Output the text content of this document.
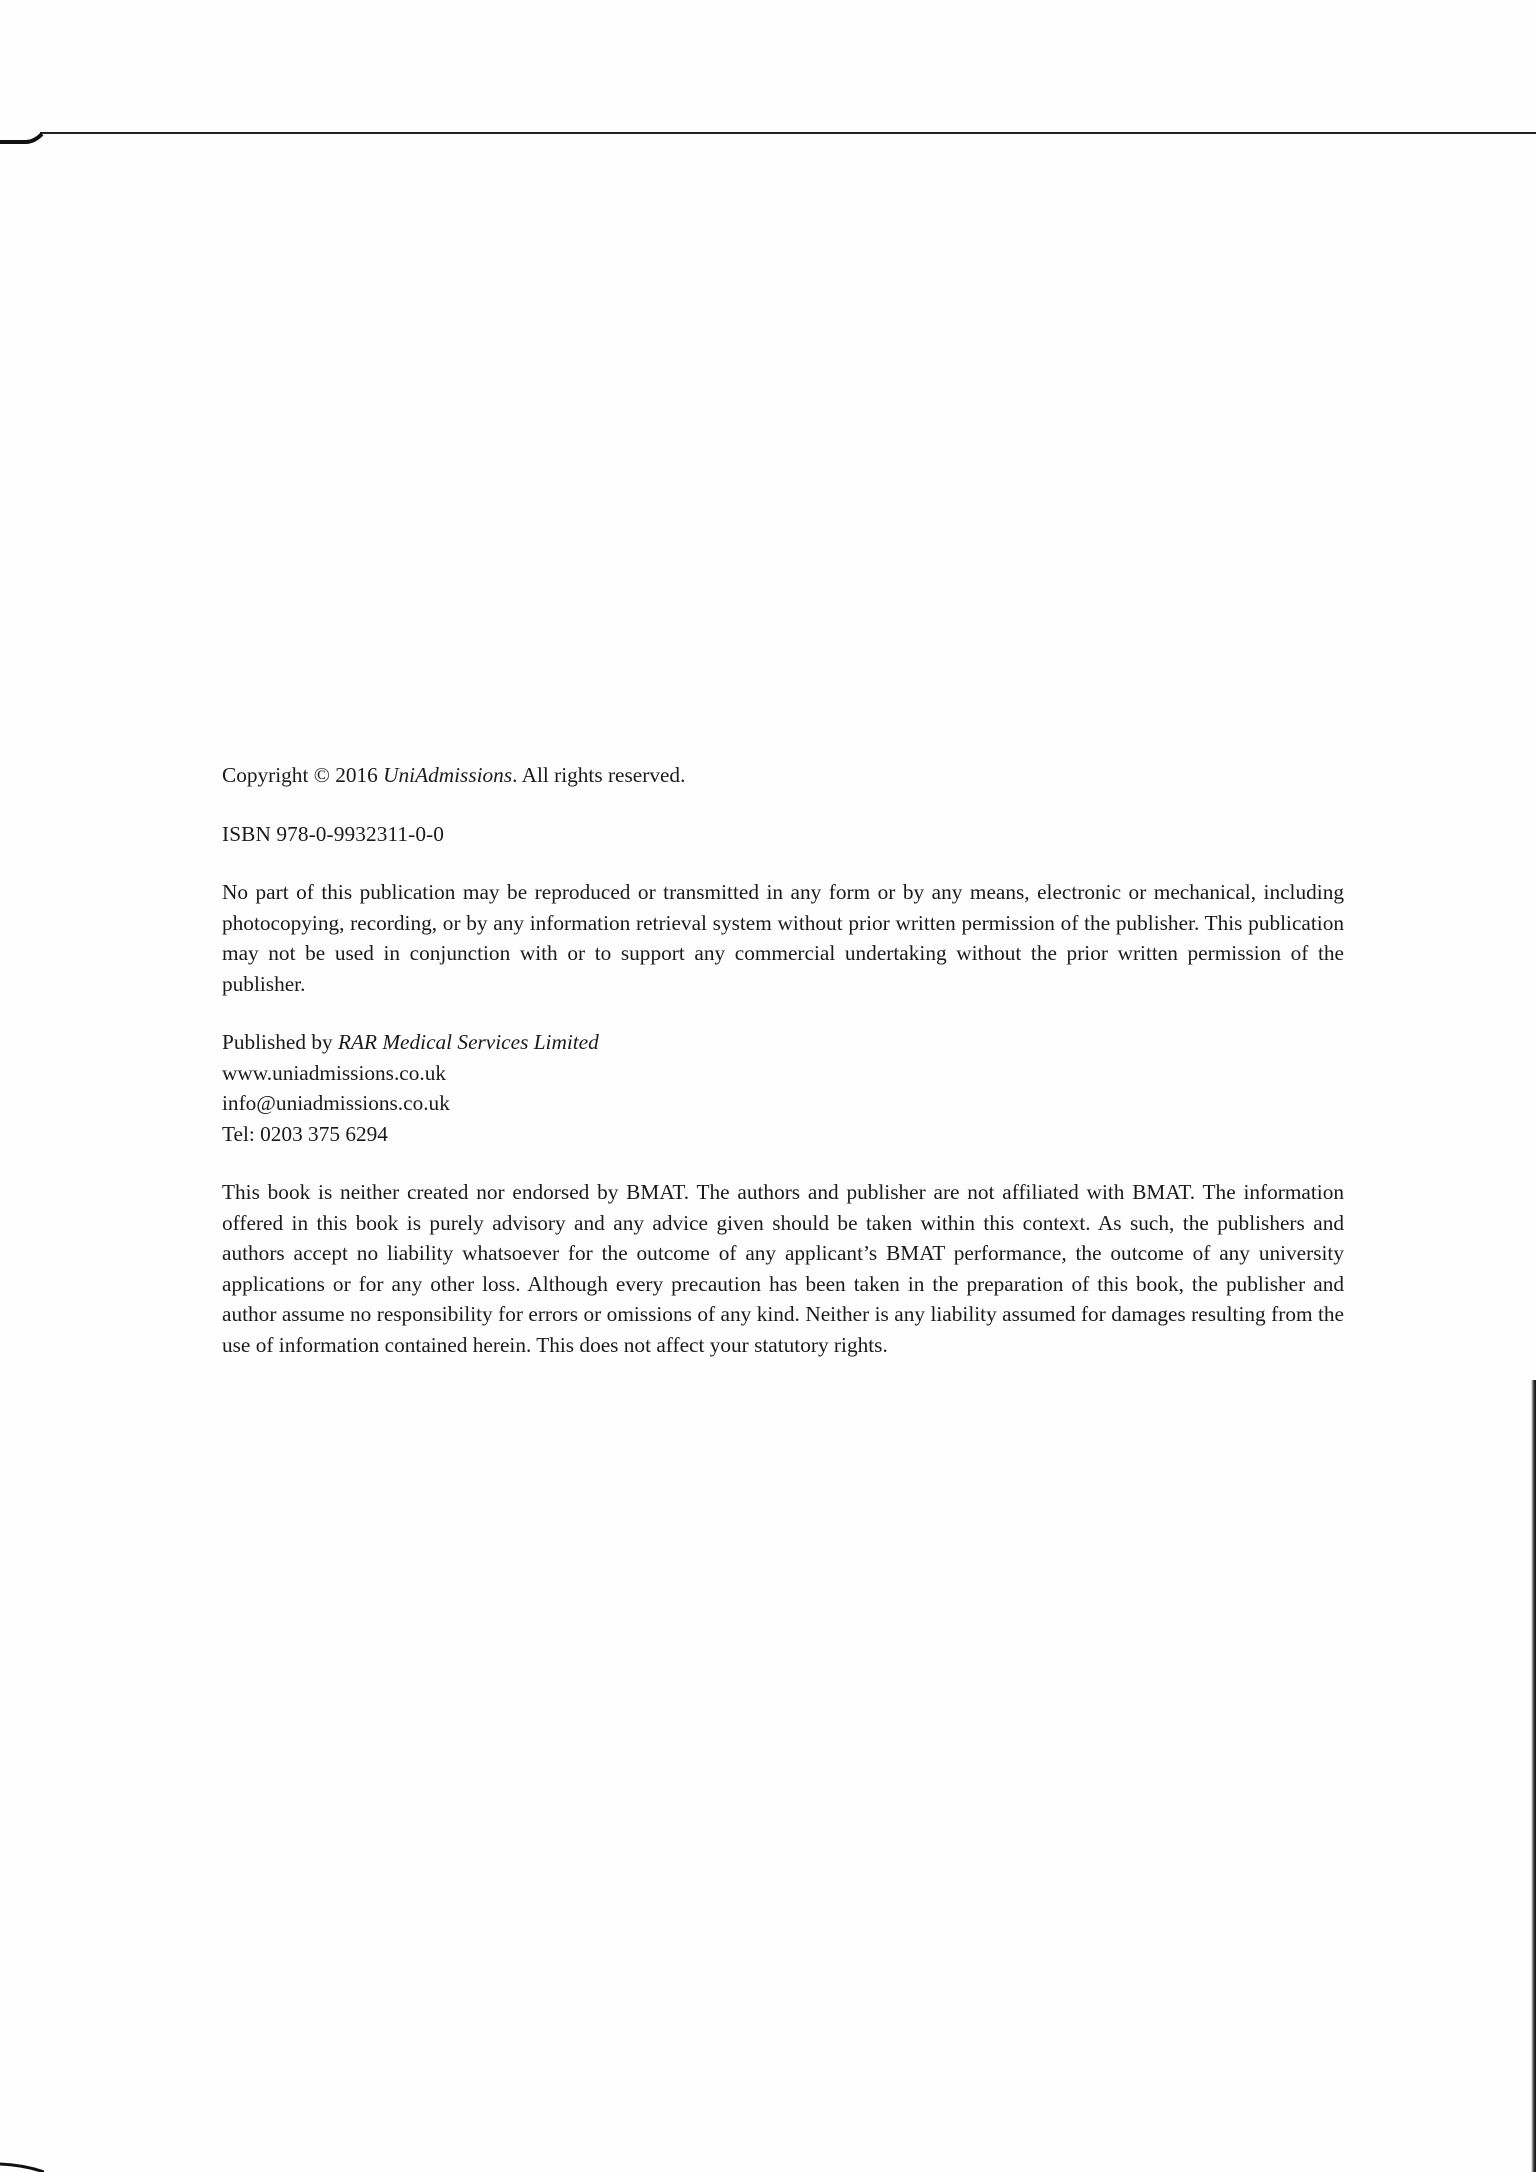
Copyright © 2016 UniAdmissions. All rights reserved.

ISBN 978-0-9932311-0-0

No part of this publication may be reproduced or transmitted in any form or by any means, electronic or mechanical, including photocopying, recording, or by any information retrieval system without prior written permission of the publisher. This publication may not be used in conjunction with or to support any commercial undertaking without the prior written permission of the publisher.

Published by RAR Medical Services Limited
www.uniadmissions.co.uk
info@uniadmissions.co.uk
Tel: 0203 375 6294

This book is neither created nor endorsed by BMAT. The authors and publisher are not affiliated with BMAT. The information offered in this book is purely advisory and any advice given should be taken within this context. As such, the publishers and authors accept no liability whatsoever for the outcome of any applicant’s BMAT performance, the outcome of any university applications or for any other loss. Although every precaution has been taken in the preparation of this book, the publisher and author assume no responsibility for errors or omissions of any kind. Neither is any liability assumed for damages resulting from the use of information contained herein. This does not affect your statutory rights.
